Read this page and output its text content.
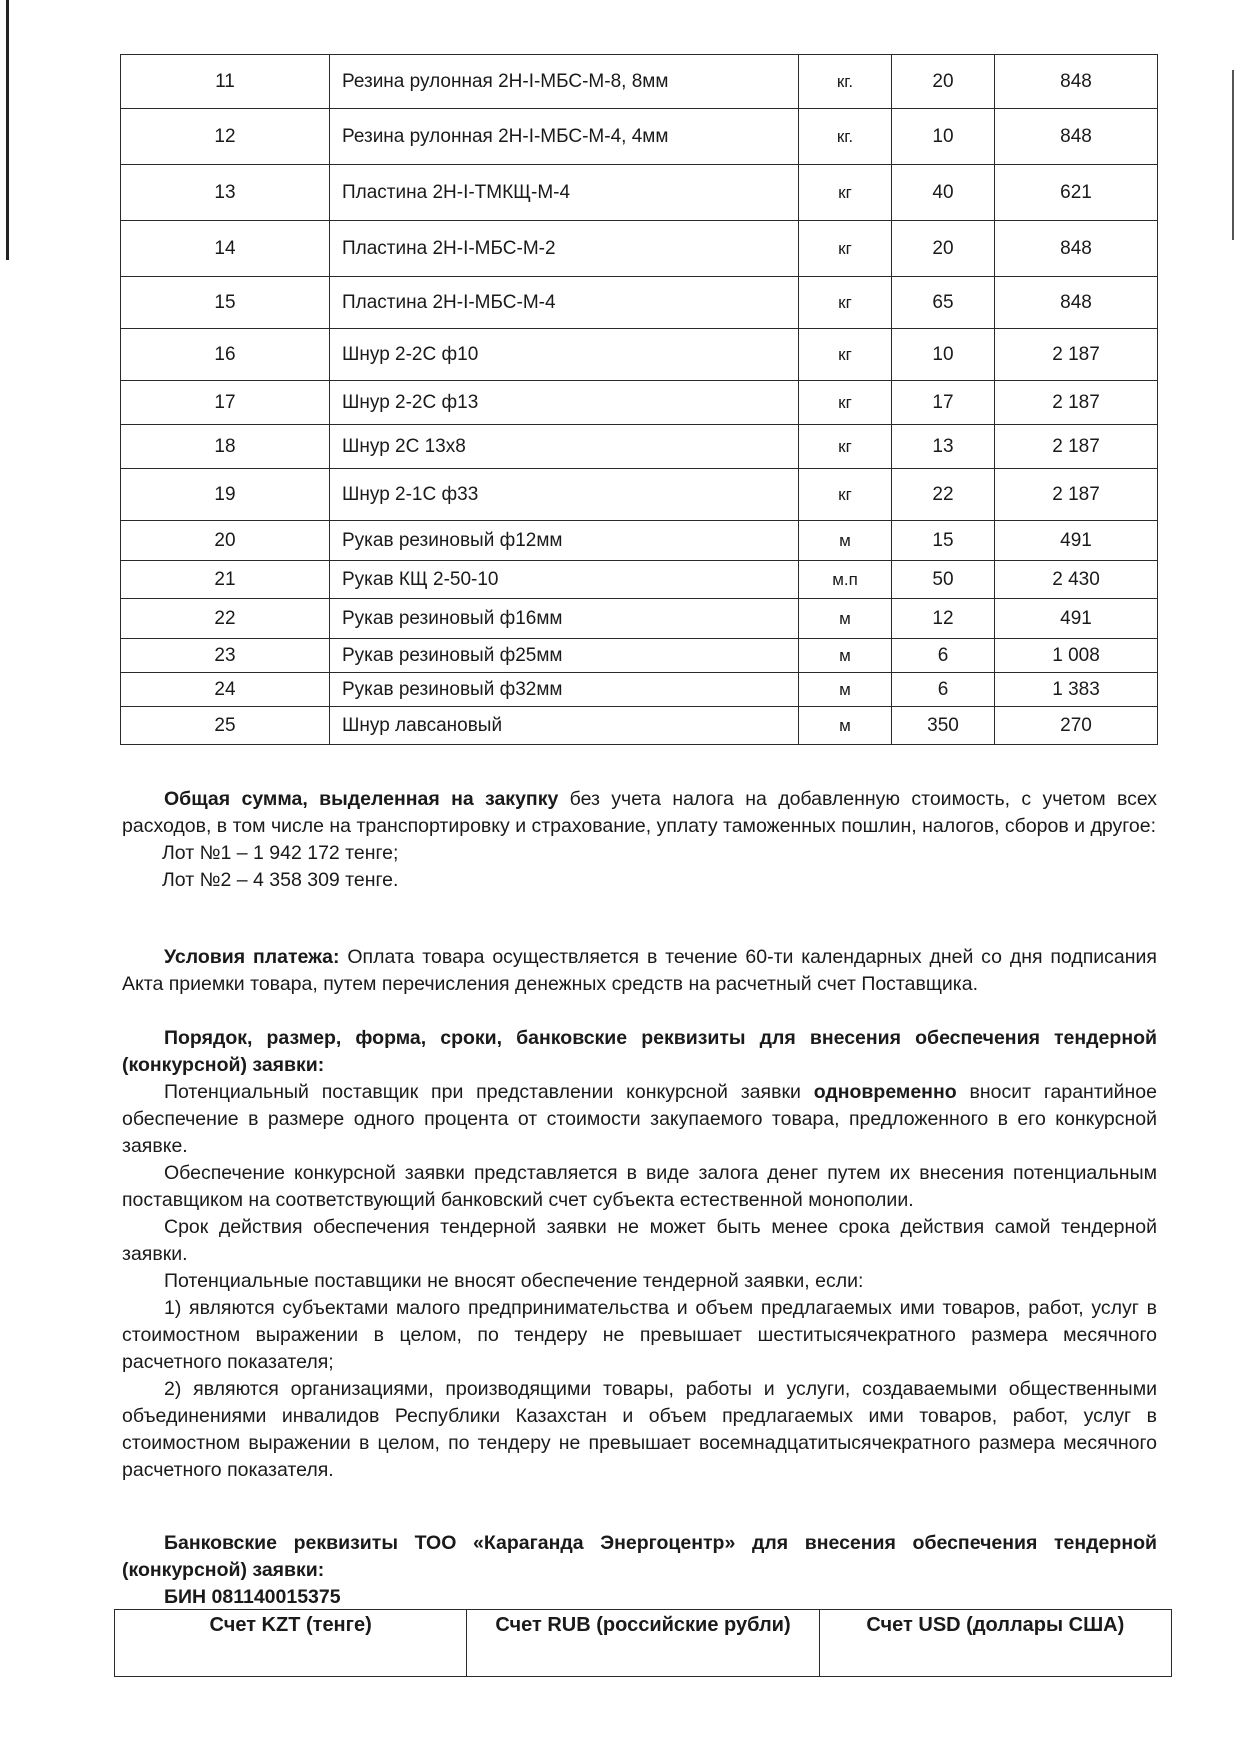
11	Резина рулонная 2Н-I-МБС-М-8, 8мм	кг.	20	848
12	Резина рулонная 2Н-I-МБС-М-4, 4мм	кг.	10	848
13	Пластина 2Н-I-ТМКЩ-М-4	кг	40	621
14	Пластина 2Н-I-МБС-М-2	кг	20	848
15	Пластина 2Н-I-МБС-М-4	кг	65	848
16	Шнур 2-2С ф10	кг	10	2 187
17	Шнур 2-2С ф13	кг	17	2 187
18	Шнур 2С 13х8	кг	13	2 187
19	Шнур 2-1С ф33	кг	22	2 187
20	Рукав резиновый ф12мм	м	15	491
21	Рукав КЩ 2-50-10	м.п	50	2 430
22	Рукав резиновый ф16мм	м	12	491
23	Рукав резиновый ф25мм	м	6	1 008
24	Рукав резиновый ф32мм	м	6	1 383
25	Шнур лавсановый	м	350	270

Общая сумма, выделенная на закупку без учета налога на добавленную стоимость, с учетом всех расходов, в том числе на транспортировку и страхование, уплату таможенных пошлин, налогов, сборов и другое:

Лот №1 – 1 942 172 тенге;

Лот №2 – 4 358 309 тенге.

Условия платежа: Оплата товара осуществляется в течение 60-ти календарных дней со дня подписания Акта приемки товара, путем перечисления денежных средств на расчетный счет Поставщика.

Порядок, размер, форма, сроки, банковские реквизиты для внесения обеспечения тендерной (конкурсной) заявки:

Потенциальный поставщик при представлении конкурсной заявки одновременно вносит гарантийное обеспечение в размере одного процента от стоимости закупаемого товара, предложенного в его конкурсной заявке.

Обеспечение конкурсной заявки представляется в виде залога денег путем их внесения потенциальным поставщиком на соответствующий банковский счет субъекта естественной монополии.

Срок действия обеспечения тендерной заявки не может быть менее срока действия самой тендерной заявки.

Потенциальные поставщики не вносят обеспечение тендерной заявки, если:

1) являются субъектами малого предпринимательства и объем предлагаемых ими товаров, работ, услуг в стоимостном выражении в целом, по тендеру не превышает шеститысячекратного размера месячного расчетного показателя;

2) являются организациями, производящими товары, работы и услуги, создаваемыми общественными объединениями инвалидов Республики Казахстан и объем предлагаемых ими товаров, работ, услуг в стоимостном выражении в целом, по тендеру не превышает восемнадцатитысячекратного размера месячного расчетного показателя.

Банковские реквизиты ТОО «Караганда Энергоцентр» для внесения обеспечения тендерной (конкурсной) заявки:

БИН 081140015375

Счет KZT (тенге)	Счет RUB (российские рубли)	Счет USD (доллары США)
